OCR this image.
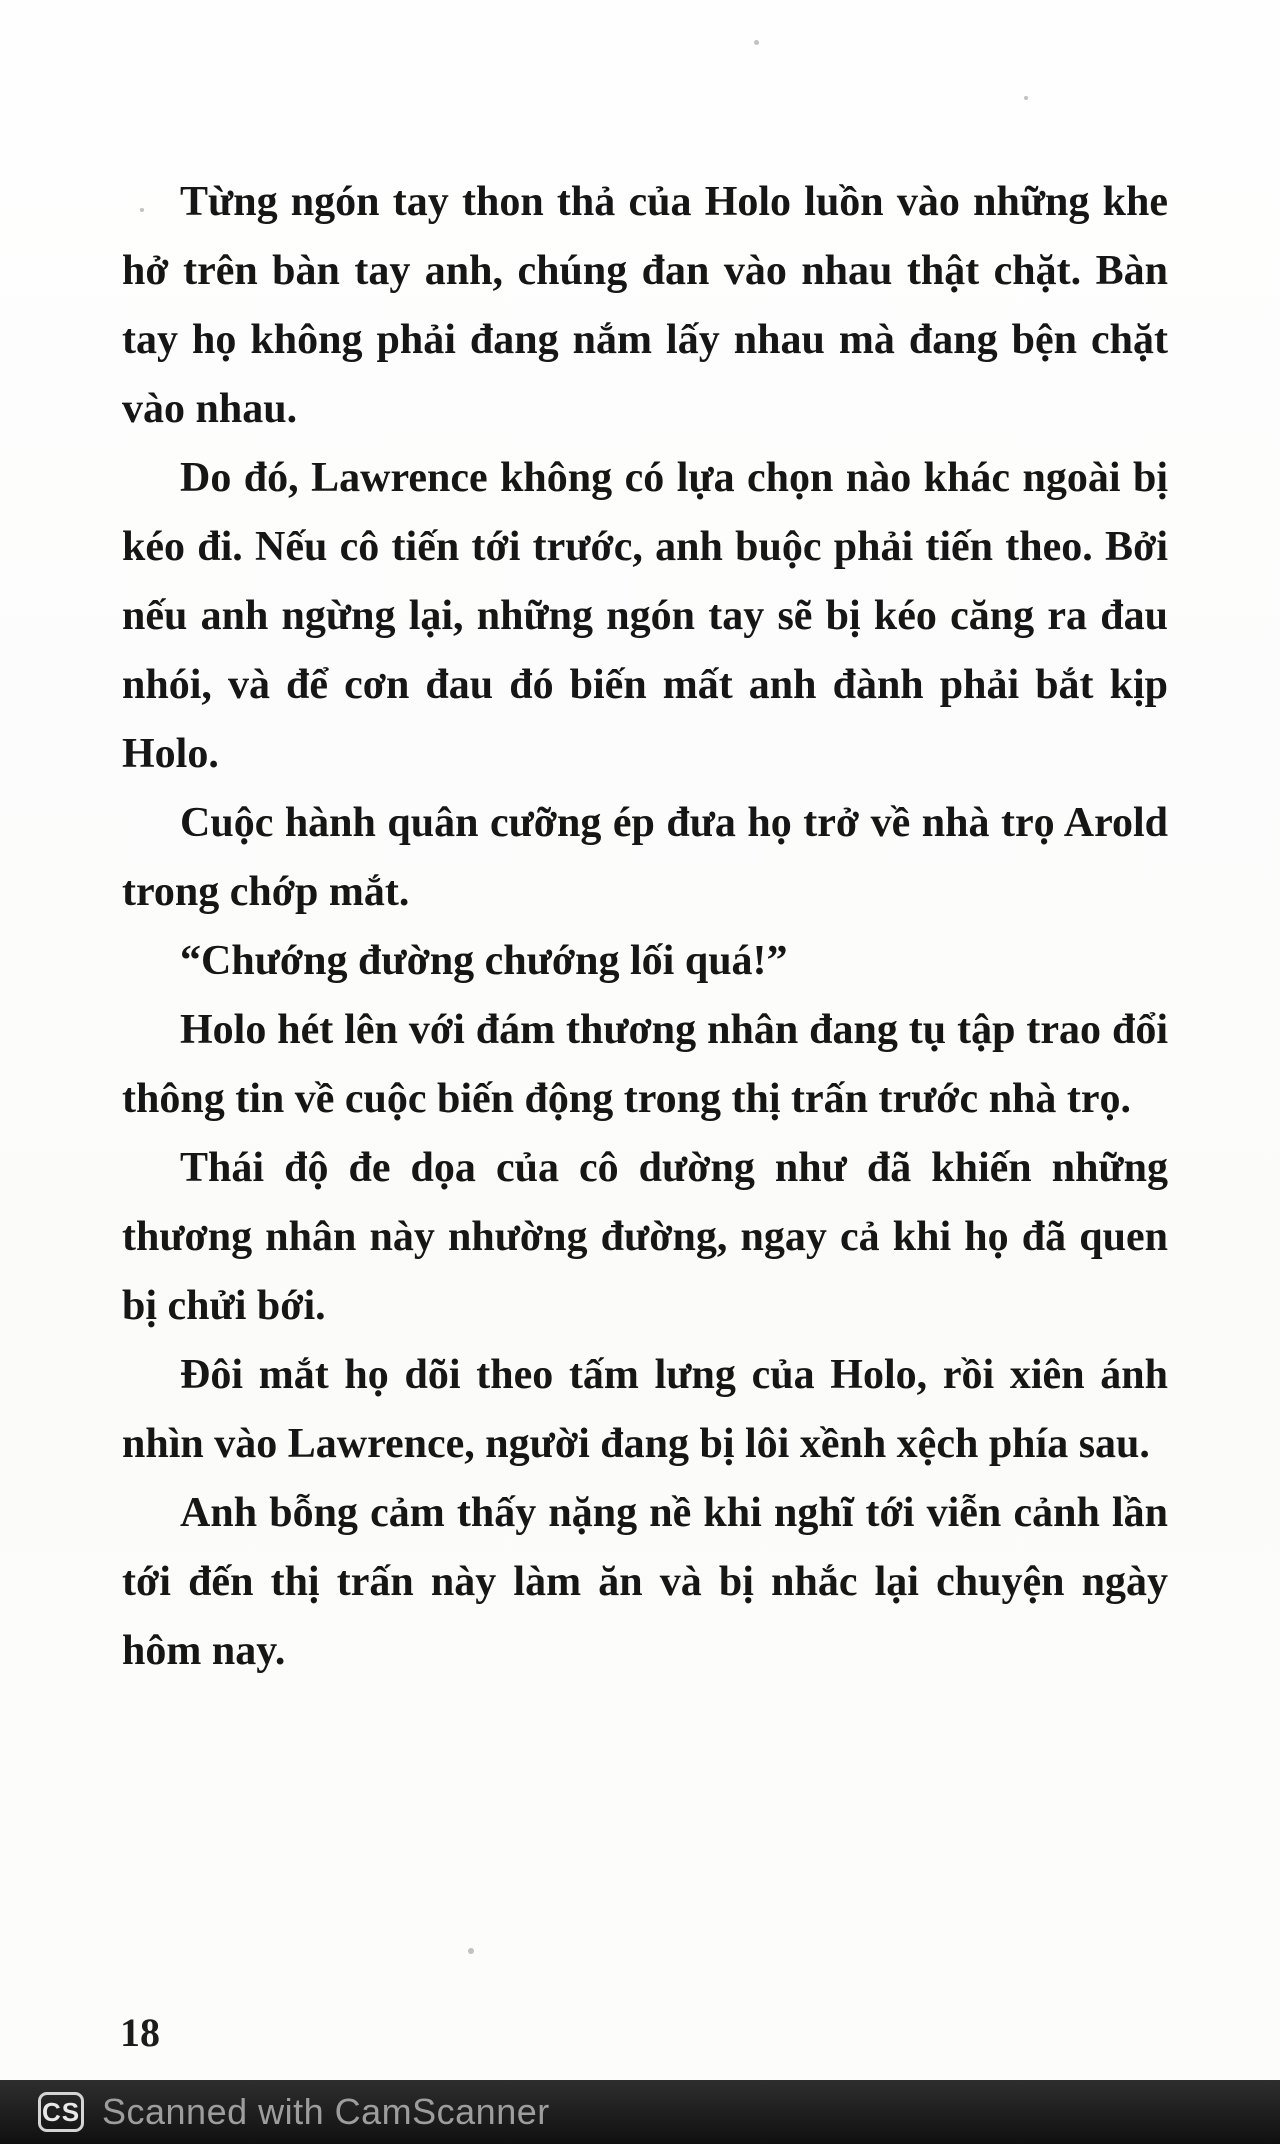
Từng ngón tay thon thả của Holo luồn vào những khe hở trên bàn tay anh, chúng đan vào nhau thật chặt. Bàn tay họ không phải đang nắm lấy nhau mà đang bện chặt vào nhau.

Do đó, Lawrence không có lựa chọn nào khác ngoài bị kéo đi. Nếu cô tiến tới trước, anh buộc phải tiến theo. Bởi nếu anh ngừng lại, những ngón tay sẽ bị kéo căng ra đau nhói, và để cơn đau đó biến mất anh đành phải bắt kịp Holo.

Cuộc hành quân cưỡng ép đưa họ trở về nhà trọ Arold trong chớp mắt.

“Chướng đường chướng lối quá!”

Holo hét lên với đám thương nhân đang tụ tập trao đổi thông tin về cuộc biến động trong thị trấn trước nhà trọ.

Thái độ đe dọa của cô dường như đã khiến những thương nhân này nhường đường, ngay cả khi họ đã quen bị chửi bới.

Đôi mắt họ dõi theo tấm lưng của Holo, rồi xiên ánh nhìn vào Lawrence, người đang bị lôi xềnh xệch phía sau.

Anh bỗng cảm thấy nặng nề khi nghĩ tới viễn cảnh lần tới đến thị trấn này làm ăn và bị nhắc lại chuyện ngày hôm nay.

18
CS Scanned with CamScanner
